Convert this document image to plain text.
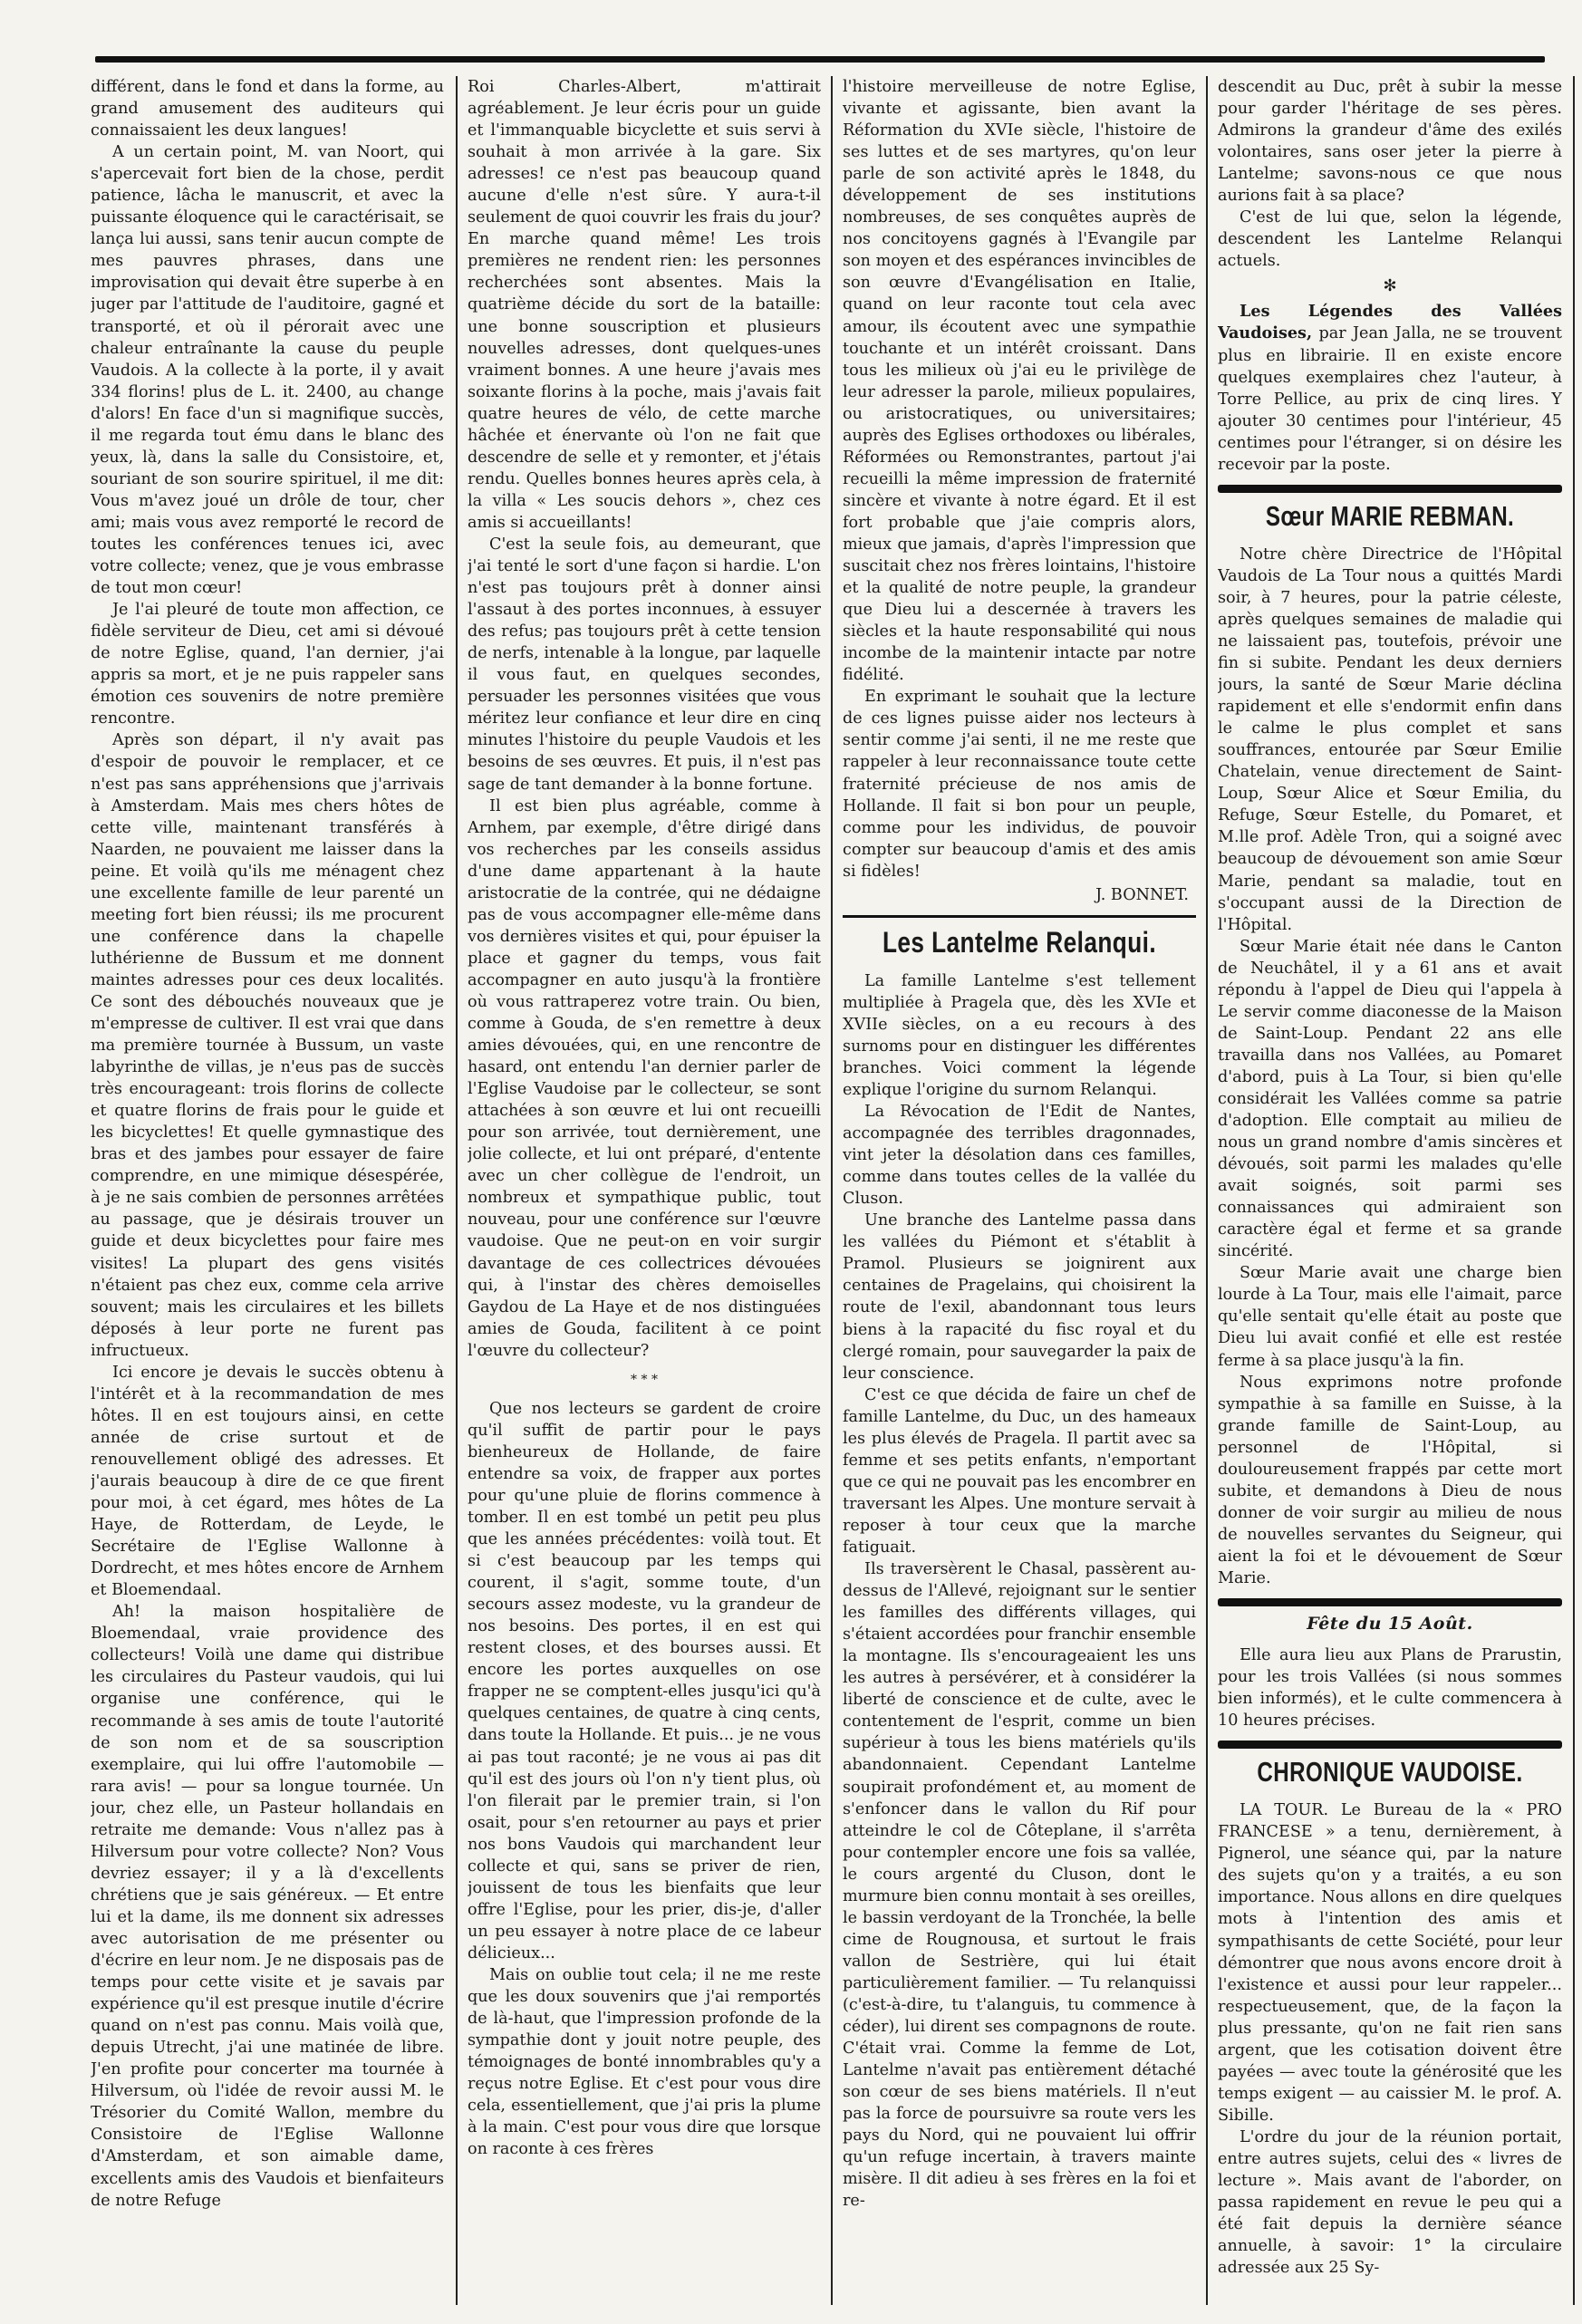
différent, dans le fond et dans la forme, au grand amusement des auditeurs qui connaissaient les deux langues!

A un certain point, M. van Noort, qui s'apercevait fort bien de la chose, perdit patience, lâcha le manuscrit, et avec la puissante éloquence qui le caractérisait, se lança lui aussi, sans tenir aucun compte de mes pauvres phrases, dans une improvisation qui devait être superbe à en juger par l'attitude de l'auditoire, gagné et transporté, et où il pérorait avec une chaleur entraînante la cause du peuple Vaudois. A la collecte à la porte, il y avait 334 florins! plus de L. it. 2400, au change d'alors! En face d'un si magnifique succès, il me regarda tout ému dans le blanc des yeux, là, dans la salle du Consistoire, et, souriant de son sourire spirituel, il me dit: Vous m'avez joué un drôle de tour, cher ami; mais vous avez remporté le record de toutes les conférences tenues ici, avec votre collecte; venez, que je vous embrasse de tout mon cœur!

Je l'ai pleuré de toute mon affection, ce fidèle serviteur de Dieu, cet ami si dévoué de notre Eglise, quand, l'an dernier, j'ai appris sa mort, et je ne puis rappeler sans émotion ces souvenirs de notre première rencontre.

Après son départ, il n'y avait pas d'espoir de pouvoir le remplacer, et ce n'est pas sans appréhensions que j'arrivais à Amsterdam. Mais mes chers hôtes de cette ville, maintenant transférés à Naarden, ne pouvaient me laisser dans la peine. Et voilà qu'ils me ménagent chez une excellente famille de leur parenté un meeting fort bien réussi; ils me procurent une conférence dans la chapelle luthérienne de Bussum et me donnent maintes adresses pour ces deux localités. Ce sont des débouchés nouveaux que je m'empresse de cultiver. Il est vrai que dans ma première tournée à Bussum, un vaste labyrinthe de villas, je n'eus pas de succès très encourageant: trois florins de collecte et quatre florins de frais pour le guide et les bicyclettes! Et quelle gymnastique des bras et des jambes pour essayer de faire comprendre, en une mimique désespérée, à je ne sais combien de personnes arrêtées au passage, que je désirais trouver un guide et deux bicyclettes pour faire mes visites! La plupart des gens visités n'étaient pas chez eux, comme cela arrive souvent; mais les circulaires et les billets déposés à leur porte ne furent pas infructueux.

Ici encore je devais le succès obtenu à l'intérêt et à la recommandation de mes hôtes. Il en est toujours ainsi, en cette année de crise surtout et de renouvellement obligé des adresses. Et j'aurais beaucoup à dire de ce que firent pour moi, à cet égard, mes hôtes de La Haye, de Rotterdam, de Leyde, le Secrétaire de l'Eglise Wallonne à Dordrecht, et mes hôtes encore de Arnhem et Bloemendaal.

Ah! la maison hospitalière de Bloemendaal, vraie providence des collecteurs! Voilà une dame qui distribue les circulaires du Pasteur vaudois, qui lui organise une conférence, qui le recommande à ses amis de toute l'autorité de son nom et de sa souscription exemplaire, qui lui offre l'automobile — rara avis! — pour sa longue tournée. Un jour, chez elle, un Pasteur hollandais en retraite me demande: Vous n'allez pas à Hilversum pour votre collecte? Non? Vous devriez essayer; il y a là d'excellents chrétiens que je sais généreux. — Et entre lui et la dame, ils me donnent six adresses avec autorisation de me présenter ou d'écrire en leur nom. Je ne disposais pas de temps pour cette visite et je savais par expérience qu'il est presque inutile d'écrire quand on n'est pas connu. Mais voilà que, depuis Utrecht, j'ai une matinée de libre. J'en profite pour concerter ma tournée à Hilversum, où l'idée de revoir aussi M. le Trésorier du Comité Wallon, membre du Consistoire de l'Eglise Wallonne d'Amsterdam, et son aimable dame, excellents amis des Vaudois et bienfaiteurs de notre Refuge

Roi Charles-Albert, m'attirait agréablement. Je leur écris pour un guide et l'immanquable bicyclette et suis servi à souhait à mon arrivée à la gare. Six adresses! ce n'est pas beaucoup quand aucune d'elle n'est sûre. Y aura-t-il seulement de quoi couvrir les frais du jour? En marche quand même! Les trois premières ne rendent rien: les personnes recherchées sont absentes. Mais la quatrième décide du sort de la bataille: une bonne souscription et plusieurs nouvelles adresses, dont quelques-unes vraiment bonnes. A une heure j'avais mes soixante florins à la poche, mais j'avais fait quatre heures de vélo, de cette marche hâchée et énervante où l'on ne fait que descendre de selle et y remonter, et j'étais rendu. Quelles bonnes heures après cela, à la villa « Les soucis dehors », chez ces amis si accueillants!

C'est la seule fois, au demeurant, que j'ai tenté le sort d'une façon si hardie. L'on n'est pas toujours prêt à donner ainsi l'assaut à des portes inconnues, à essuyer des refus; pas toujours prêt à cette tension de nerfs, intenable à la longue, par laquelle il vous faut, en quelques secondes, persuader les personnes visitées que vous méritez leur confiance et leur dire en cinq minutes l'histoire du peuple Vaudois et les besoins de ses œuvres. Et puis, il n'est pas sage de tant demander à la bonne fortune.

Il est bien plus agréable, comme à Arnhem, par exemple, d'être dirigé dans vos recherches par les conseils assidus d'une dame appartenant à la haute aristocratie de la contrée, qui ne dédaigne pas de vous accompagner elle-même dans vos dernières visites et qui, pour épuiser la place et gagner du temps, vous fait accompagner en auto jusqu'à la frontière où vous rattraperez votre train. Ou bien, comme à Gouda, de s'en remettre à deux amies dévouées, qui, en une rencontre de hasard, ont entendu l'an dernier parler de l'Eglise Vaudoise par le collecteur, se sont attachées à son œuvre et lui ont recueilli pour son arrivée, tout dernièrement, une jolie collecte, et lui ont préparé, d'entente avec un cher collègue de l'endroit, un nombreux et sympathique public, tout nouveau, pour une conférence sur l'œuvre vaudoise. Que ne peut-on en voir surgir davantage de ces collectrices dévouées qui, à l'instar des chères demoiselles Gaydou de La Haye et de nos distinguées amies de Gouda, facilitent à ce point l'œuvre du collecteur?

* * *

Que nos lecteurs se gardent de croire qu'il suffit de partir pour le pays bienheureux de Hollande, de faire entendre sa voix, de frapper aux portes pour qu'une pluie de florins commence à tomber. Il en est tombé un petit peu plus que les années précédentes: voilà tout. Et si c'est beaucoup par les temps qui courent, il s'agit, somme toute, d'un secours assez modeste, vu la grandeur de nos besoins. Des portes, il en est qui restent closes, et des bourses aussi. Et encore les portes auxquelles on ose frapper ne se comptent-elles jusqu'ici qu'à quelques centaines, de quatre à cinq cents, dans toute la Hollande. Et puis... je ne vous ai pas tout raconté; je ne vous ai pas dit qu'il est des jours où l'on n'y tient plus, où l'on filerait par le premier train, si l'on osait, pour s'en retourner au pays et prier nos bons Vaudois qui marchandent leur collecte et qui, sans se priver de rien, jouissent de tous les bienfaits que leur offre l'Eglise, pour les prier, dis-je, d'aller un peu essayer à notre place de ce labeur délicieux...

Mais on oublie tout cela; il ne me reste que les doux souvenirs que j'ai remportés de là-haut, que l'impression profonde de la sympathie dont y jouit notre peuple, des témoignages de bonté innombrables qu'y a reçus notre Eglise. Et c'est pour vous dire cela, essentiellement, que j'ai pris la plume à la main. C'est pour vous dire que lorsque on raconte à ces frères

l'histoire merveilleuse de notre Eglise, vivante et agissante, bien avant la Réformation du XVIe siècle, l'histoire de ses luttes et de ses martyres, qu'on leur parle de son activité après le 1848, du développement de ses institutions nombreuses, de ses conquêtes auprès de nos concitoyens gagnés à l'Evangile par son moyen et des espérances invincibles de son œuvre d'Evangélisation en Italie, quand on leur raconte tout cela avec amour, ils écoutent avec une sympathie touchante et un intérêt croissant. Dans tous les milieux où j'ai eu le privilège de leur adresser la parole, milieux populaires, ou aristocratiques, ou universitaires; auprès des Eglises orthodoxes ou libérales, Réformées ou Remonstrantes, partout j'ai recueilli la même impression de fraternité sincère et vivante à notre égard. Et il est fort probable que j'aie compris alors, mieux que jamais, d'après l'impression que suscitait chez nos frères lointains, l'histoire et la qualité de notre peuple, la grandeur que Dieu lui a descernée à travers les siècles et la haute responsabilité qui nous incombe de la maintenir intacte par notre fidélité.

En exprimant le souhait que la lecture de ces lignes puisse aider nos lecteurs à sentir comme j'ai senti, il ne me reste que rappeler à leur reconnaissance toute cette fraternité précieuse de nos amis de Hollande. Il fait si bon pour un peuple, comme pour les individus, de pouvoir compter sur beaucoup d'amis et des amis si fidèles!

J. BONNET.
Les Lantelme Relanqui.

La famille Lantelme s'est tellement multipliée à Pragela que, dès les XVIe et XVIIe siècles, on a eu recours à des surnoms pour en distinguer les différentes branches. Voici comment la légende explique l'origine du surnom Relanqui.

La Révocation de l'Edit de Nantes, accompagnée des terribles dragonnades, vint jeter la désolation dans ces familles, comme dans toutes celles de la vallée du Cluson.

Une branche des Lantelme passa dans les vallées du Piémont et s'établit à Pramol. Plusieurs se joignirent aux centaines de Pragelains, qui choisirent la route de l'exil, abandonnant tous leurs biens à la rapacité du fisc royal et du clergé romain, pour sauvegarder la paix de leur conscience.

C'est ce que décida de faire un chef de famille Lantelme, du Duc, un des hameaux les plus élevés de Pragela. Il partit avec sa femme et ses petits enfants, n'emportant que ce qui ne pouvait pas les encombrer en traversant les Alpes. Une monture servait à reposer à tour ceux que la marche fatiguait.

Ils traversèrent le Chasal, passèrent au-dessus de l'Allevé, rejoignant sur le sentier les familles des différents villages, qui s'étaient accordées pour franchir ensemble la montagne. Ils s'encourageaient les uns les autres à persévérer, et à considérer la liberté de conscience et de culte, avec le contentement de l'esprit, comme un bien supérieur à tous les biens matériels qu'ils abandonnaient. Cependant Lantelme soupirait profondément et, au moment de s'enfoncer dans le vallon du Rif pour atteindre le col de Côteplane, il s'arrêta pour contempler encore une fois sa vallée, le cours argenté du Cluson, dont le murmure bien connu montait à ses oreilles, le bassin verdoyant de la Tronchée, la belle cime de Rougnousa, et surtout le frais vallon de Sestrière, qui lui était particulièrement familier. — Tu relanquissi (c'est-à-dire, tu t'alanguis, tu commence à céder), lui dirent ses compagnons de route. C'était vrai. Comme la femme de Lot, Lantelme n'avait pas entièrement détaché son cœur de ses biens matériels. Il n'eut pas la force de poursuivre sa route vers les pays du Nord, qui ne pouvaient lui offrir qu'un refuge incertain, à travers mainte misère. Il dit adieu à ses frères en la foi et re-

descendit au Duc, prêt à subir la messe pour garder l'héritage de ses pères. Admirons la grandeur d'âme des exilés volontaires, sans oser jeter la pierre à Lantelme; savons-nous ce que nous aurions fait à sa place?

C'est de lui que, selon la légende, descendent les Lantelme Relanqui actuels.

✻

Les Légendes des Vallées Vaudoises, par Jean Jalla, ne se trouvent plus en librairie. Il en existe encore quelques exemplaires chez l'auteur, à Torre Pellice, au prix de cinq lires. Y ajouter 30 centimes pour l'intérieur, 45 centimes pour l'étranger, si on désire les recevoir par la poste.

Sœur MARIE REBMAN.

Notre chère Directrice de l'Hôpital Vaudois de La Tour nous a quittés Mardi soir, à 7 heures, pour la patrie céleste, après quelques semaines de maladie qui ne laissaient pas, toutefois, prévoir une fin si subite. Pendant les deux derniers jours, la santé de Sœur Marie déclina rapidement et elle s'endormit enfin dans le calme le plus complet et sans souffrances, entourée par Sœur Emilie Chatelain, venue directement de Saint-Loup, Sœur Alice et Sœur Emilia, du Refuge, Sœur Estelle, du Pomaret, et M.lle prof. Adèle Tron, qui a soigné avec beaucoup de dévouement son amie Sœur Marie, pendant sa maladie, tout en s'occupant aussi de la Direction de l'Hôpital.

Sœur Marie était née dans le Canton de Neuchâtel, il y a 61 ans et avait répondu à l'appel de Dieu qui l'appela à Le servir comme diaconesse de la Maison de Saint-Loup. Pendant 22 ans elle travailla dans nos Vallées, au Pomaret d'abord, puis à La Tour, si bien qu'elle considérait les Vallées comme sa patrie d'adoption. Elle comptait au milieu de nous un grand nombre d'amis sincères et dévoués, soit parmi les malades qu'elle avait soignés, soit parmi ses connaissances qui admiraient son caractère égal et ferme et sa grande sincérité.

Sœur Marie avait une charge bien lourde à La Tour, mais elle l'aimait, parce qu'elle sentait qu'elle était au poste que Dieu lui avait confié et elle est restée ferme à sa place jusqu'à la fin.

Nous exprimons notre profonde sympathie à sa famille en Suisse, à la grande famille de Saint-Loup, au personnel de l'Hôpital, si douloureusement frappés par cette mort subite, et demandons à Dieu de nous donner de voir surgir au milieu de nous de nouvelles servantes du Seigneur, qui aient la foi et le dévouement de Sœur Marie.

Fête du 15 Août.

Elle aura lieu aux Plans de Prarustin, pour les trois Vallées (si nous sommes bien informés), et le culte commencera à 10 heures précises.

CHRONIQUE VAUDOISE.

LA TOUR. Le Bureau de la « PRO FRANCESE » a tenu, dernièrement, à Pignerol, une séance qui, par la nature des sujets qu'on y a traités, a eu son importance. Nous allons en dire quelques mots à l'intention des amis et sympathisants de cette Société, pour leur démontrer que nous avons encore droit à l'existence et aussi pour leur rappeler... respectueusement, que, de la façon la plus pressante, qu'on ne fait rien sans argent, que les cotisation doivent être payées — avec toute la générosité que les temps exigent — au caissier M. le prof. A. Sibille.

L'ordre du jour de la réunion portait, entre autres sujets, celui des « livres de lecture ». Mais avant de l'aborder, on passa rapidement en revue le peu qui a été fait depuis la dernière séance annuelle, à savoir: 1° la circulaire adressée aux 25 Sy-
